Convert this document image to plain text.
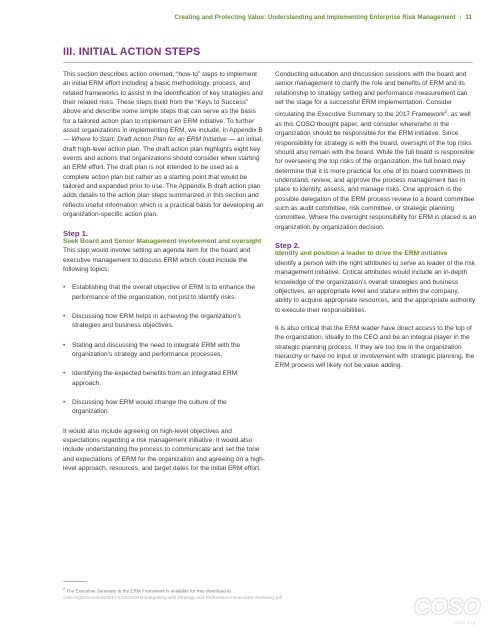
Creating and Protecting Value: Understanding and Implementing Enterprise Risk Management | 11
III. INITIAL ACTION STEPS

This section describes action oriented, “how-to” steps to implement an initial ERM effort including a basic methodology, process, and related frameworks to assist in the identification of key strategies and their related risks. These steps build from the “Keys to Success” above and describe some simple steps that can serve as the basis for a tailored action plan to implement an ERM initiative. To further assist organizations in implementing ERM, we include, in Appendix B — Where to Start: Draft Action Plan for an ERM Initiative — an initial, draft high-level action plan. The draft action plan highlights eight key events and actions that organizations should consider when starting an ERM effort. The draft plan is not intended to be used as a complete action plan but rather as a starting point that would be tailored and expanded prior to use. The Appendix B draft action plan adds details to the action plan steps summarized in this section and reflects useful information which is a practical basis for developing an organization-specific action plan.

Step 1.
Seek Board and Senior Management involvement and oversight

This step would involve setting an agenda item for the board and executive management to discuss ERM which could include the following topics:

• Establishing that the overall objective of ERM is to enhance the performance of the organization, not just to identify risks.
• Discussing how ERM helps in achieving the organization’s strategies and business objectives.
• Stating and discussing the need to integrate ERM with the organization’s strategy and performance processes.
• Identifying the expected benefits from an integrated ERM approach.
• Discussing how ERM would change the culture of the organization.

It would also include agreeing on high-level objectives and expectations regarding a risk management initiative. It would also include understanding the process to communicate and set the tone and expectations of ERM for the organization and agreeing on a high-level approach, resources, and target dates for the initial ERM effort.

Conducting education and discussion sessions with the board and senior management to clarify the role and benefits of ERM and its relationship to strategy setting and performance measurement can set the stage for a successful ERM implementation. Consider circulating the Executive Summary to the 2017 Framework$^2$, as well as this COSO thought paper, and consider where/who in the organization should be responsible for the ERM initiative. Since responsibility for strategy is with the board, oversight of the top risks should also remain with the board. While the full board is responsible for overseeing the top risks of the organization, the full board may determine that it is more practical for one of its board committees to understand, review, and approve the process management has in place to identify, assess, and manage risks. One approach is the possible delegation of the ERM process review to a board committee such as audit committee, risk committee, or strategic planning committee. Where the oversight responsibility for ERM is placed is an organization by organization decision.

Step 2.
Identify and position a leader to drive the ERM initiative

Identify a person with the right attributes to serve as leader of the risk management initiative. Critical attributes would include an in-depth knowledge of the organization’s overall strategies and business objectives, an appropriate level and stature within the company, ability to acquire appropriate resources, and the appropriate authority to execute their responsibilities.

It is also critical that the ERM leader have direct access to the top of the organization, ideally to the CEO and be an integral player in the strategic planning process. If they are too low in the organization hierarchy or have no input or involvement with strategic planning, the ERM process will likely not be value adding.

$^2$ The Executive Summary to the ERM Framework is available for free download at
coso.org/Documents/2017-COSO-ERM-Integrating-with-Strategy-and-Performance-Executive-Summary.pdf	COSO
coso.org
